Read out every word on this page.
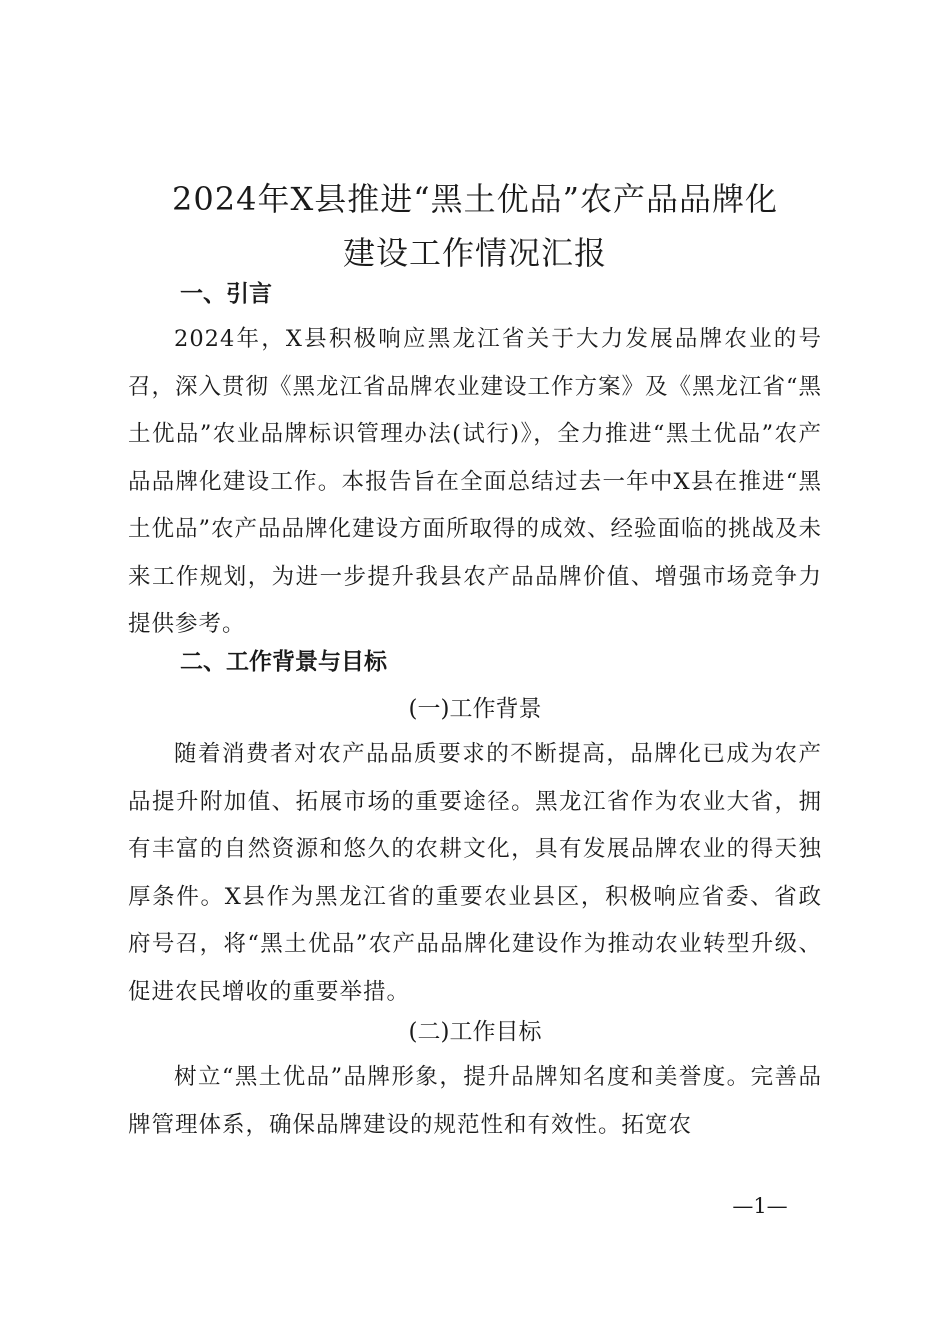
2024年X县推进“黑土优品”农产品品牌化
建设工作情况汇报
一、引言

2024年，X县积极响应黑龙江省关于大力发展品牌农业的号召，深入贯彻《黑龙江省品牌农业建设工作方案》及《黑龙江省“黑土优品”农业品牌标识管理办法(试行)》，全力推进“黑土优品”农产品品牌化建设工作。本报告旨在全面总结过去一年中X县在推进“黑土优品”农产品品牌化建设方面所取得的成效、经验面临的挑战及未来工作规划，为进一步提升我县农产品品牌价值、增强市场竞争力提供参考。

二、工作背景与目标
(一)工作背景

随着消费者对农产品品质要求的不断提高，品牌化已成为农产品提升附加值、拓展市场的重要途径。黑龙江省作为农业大省，拥有丰富的自然资源和悠久的农耕文化，具有发展品牌农业的得天独厚条件。X县作为黑龙江省的重要农业县区，积极响应省委、省政府号召，将“黑土优品”农产品品牌化建设作为推动农业转型升级、促进农民增收的重要举措。

(二)工作目标

树立“黑土优品”品牌形象，提升品牌知名度和美誉度。完善品牌管理体系，确保品牌建设的规范性和有效性。拓宽农

—1—
